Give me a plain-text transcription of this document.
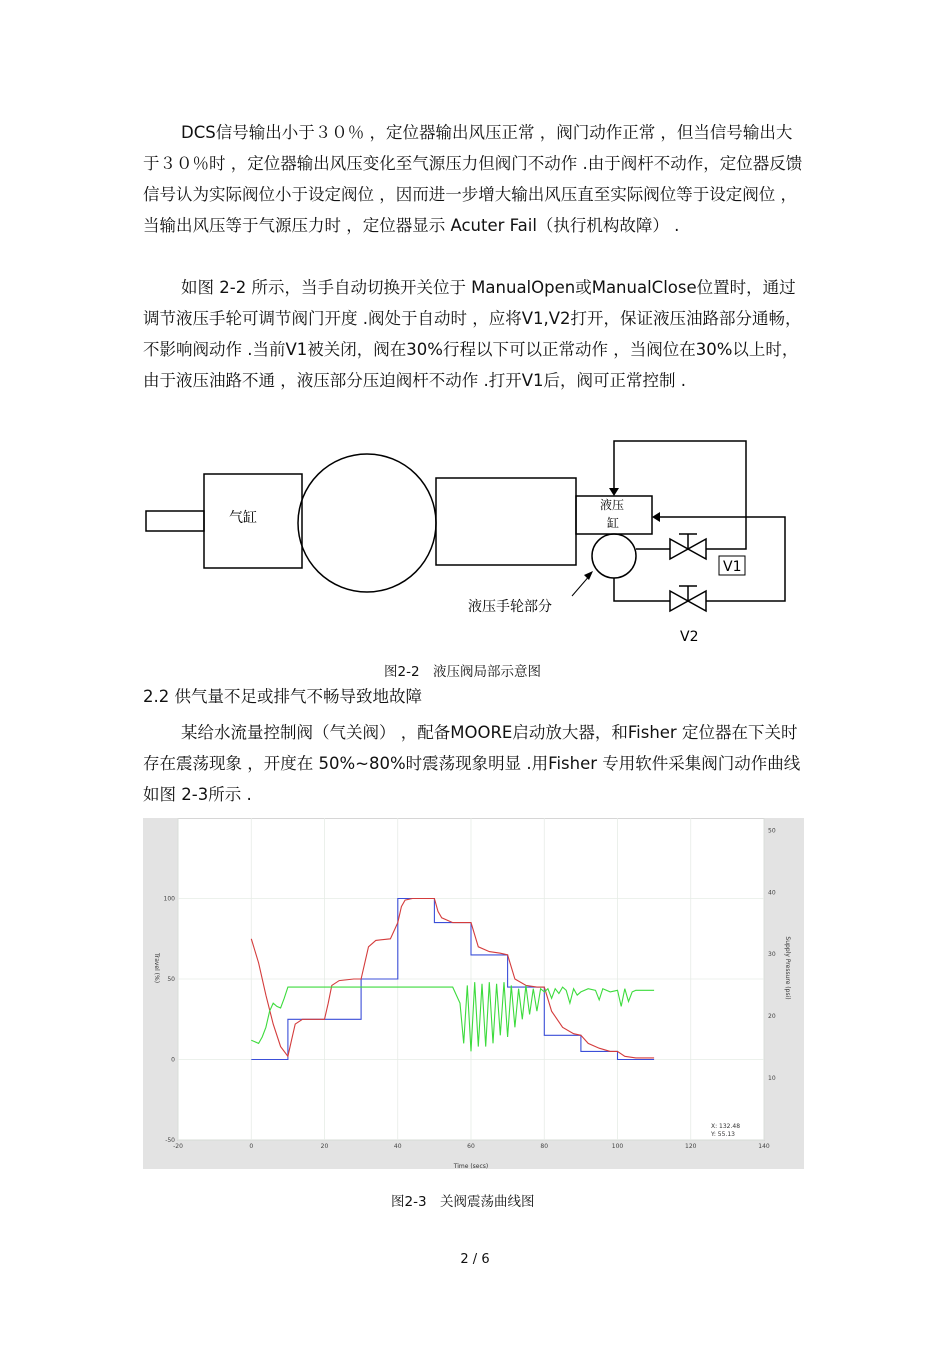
DCS信号输出小于３０％ ，定位器输出风压正常 ，阀门动作正常 ，但当信号输出大于３０％时 ，定位器输出风压变化至气源压力但阀门不动作 .由于阀杆不动作，定位器反馈信号认为实际阀位小于设定阀位 ，因而进一步增大输出风压直至实际阀位等于设定阀位 ，当输出风压等于气源压力时 ，定位器显示 Acuter Fail（执行机构故障） .

如图 2-2 所示，当手自动切换开关位于 ManualOpen或ManualClose位置时，通过调节液压手轮可调节阀门开度 .阀处于自动时 ，应将V1,V2打开，保证液压油路部分通畅，不影响阀动作 .当前V1被关闭，阀在30%行程以下可以正常动作 ，当阀位在30%以上时，由于液压油路不通 ，液压部分压迫阀杆不动作 .打开V1后，阀可正常控制 .

气缸
液压
缸
V1
液压手轮部分
V2
图2-2　液压阀局部示意图
2.2 供气量不足或排气不畅导致地故障

某给水流量控制阀（气关阀） ，配备MOORE启动放大器，和Fisher 定位器在下关时存在震荡现象 ，开度在 50%~80%时震荡现象明显 .用Fisher 专用软件采集阀门动作曲线如图 2-3所示 .

-20	0	20	40	60	80	100	120	140
-50
0
50
100
10
20
30
40
50
Time (secs)
Travel (%)	Supply Pressure (psi)
X: 132.48
Y: 55.13
图2-3　关阀震荡曲线图
2 / 6
